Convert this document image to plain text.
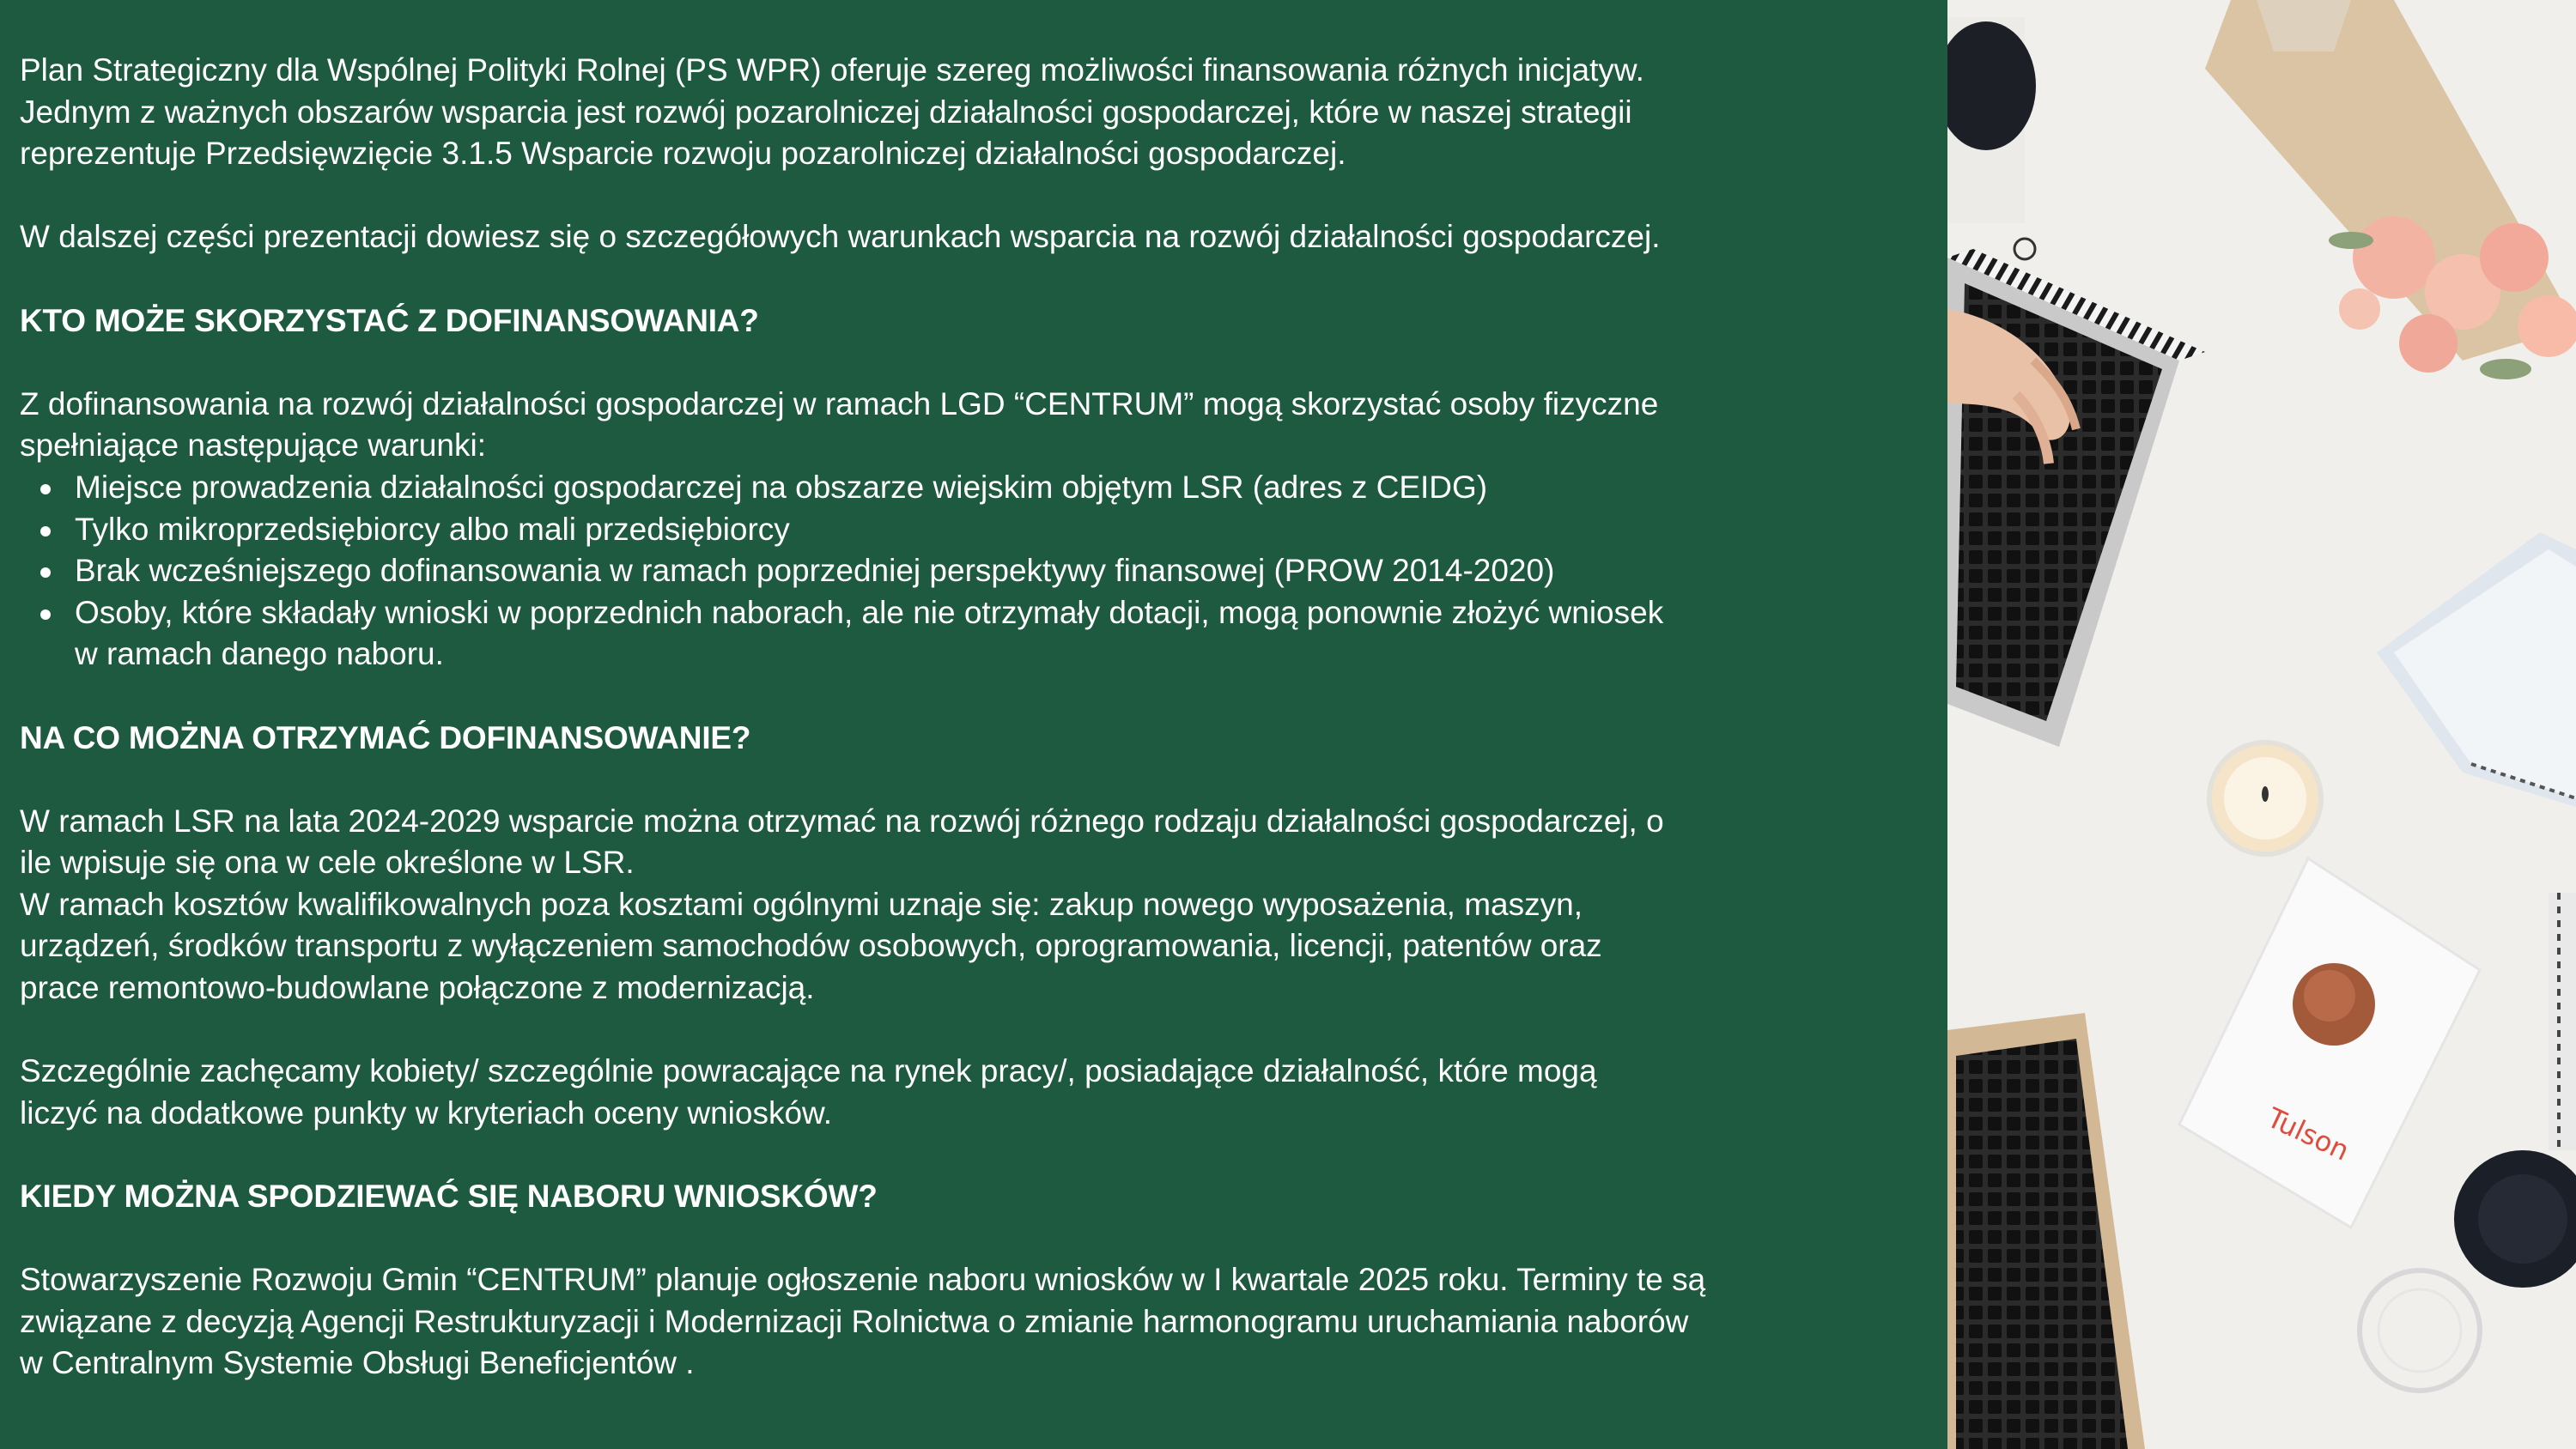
Plan Strategiczny dla Wspólnej Polityki Rolnej (PS WPR) oferuje szereg możliwości finansowania różnych inicjatyw.

Jednym z ważnych obszarów wsparcia jest rozwój pozarolniczej działalności gospodarczej, które w naszej strategii

reprezentuje Przedsięwzięcie 3.1.5 Wsparcie rozwoju pozarolniczej działalności gospodarczej.

W dalszej części prezentacji dowiesz się o szczegółowych warunkach wsparcia na rozwój działalności gospodarczej.

KTO MOŻE SKORZYSTAĆ Z DOFINANSOWANIA?

Z dofinansowania na rozwój działalności gospodarczej w ramach LGD “CENTRUM” mogą skorzystać osoby fizyczne

spełniające następujące warunki:

Miejsce prowadzenia działalności gospodarczej na obszarze wiejskim objętym LSR (adres z CEIDG)
Tylko mikroprzedsiębiorcy albo mali przedsiębiorcy
Brak wcześniejszego dofinansowania w ramach poprzedniej perspektywy finansowej (PROW 2014-2020)
Osoby, które składały wnioski w poprzednich naborach, ale nie otrzymały dotacji, mogą ponownie złożyć wniosek
w ramach danego naboru.
NA CO MOŻNA OTRZYMAĆ DOFINANSOWANIE?

W ramach LSR na lata 2024-2029 wsparcie można otrzymać na rozwój różnego rodzaju działalności gospodarczej, o

ile wpisuje się ona w cele określone w LSR.

W ramach kosztów kwalifikowalnych poza kosztami ogólnymi uznaje się: zakup nowego wyposażenia, maszyn,

urządzeń, środków transportu z wyłączeniem samochodów osobowych, oprogramowania, licencji, patentów oraz

prace remontowo-budowlane połączone z modernizacją.

Szczególnie zachęcamy kobiety/ szczególnie powracające na rynek pracy/, posiadające działalność, które mogą

liczyć na dodatkowe punkty w kryteriach oceny wniosków.

KIEDY MOŻNA SPODZIEWAĆ SIĘ NABORU WNIOSKÓW?

Stowarzyszenie Rozwoju Gmin “CENTRUM” planuje ogłoszenie naboru wniosków w I kwartale 2025 roku. Terminy te są

związane z decyzją Agencji Restrukturyzacji i Modernizacji Rolnictwa o zmianie harmonogramu uruchamiania naborów

w Centralnym Systemie Obsługi Beneficjentów .

Tulson
